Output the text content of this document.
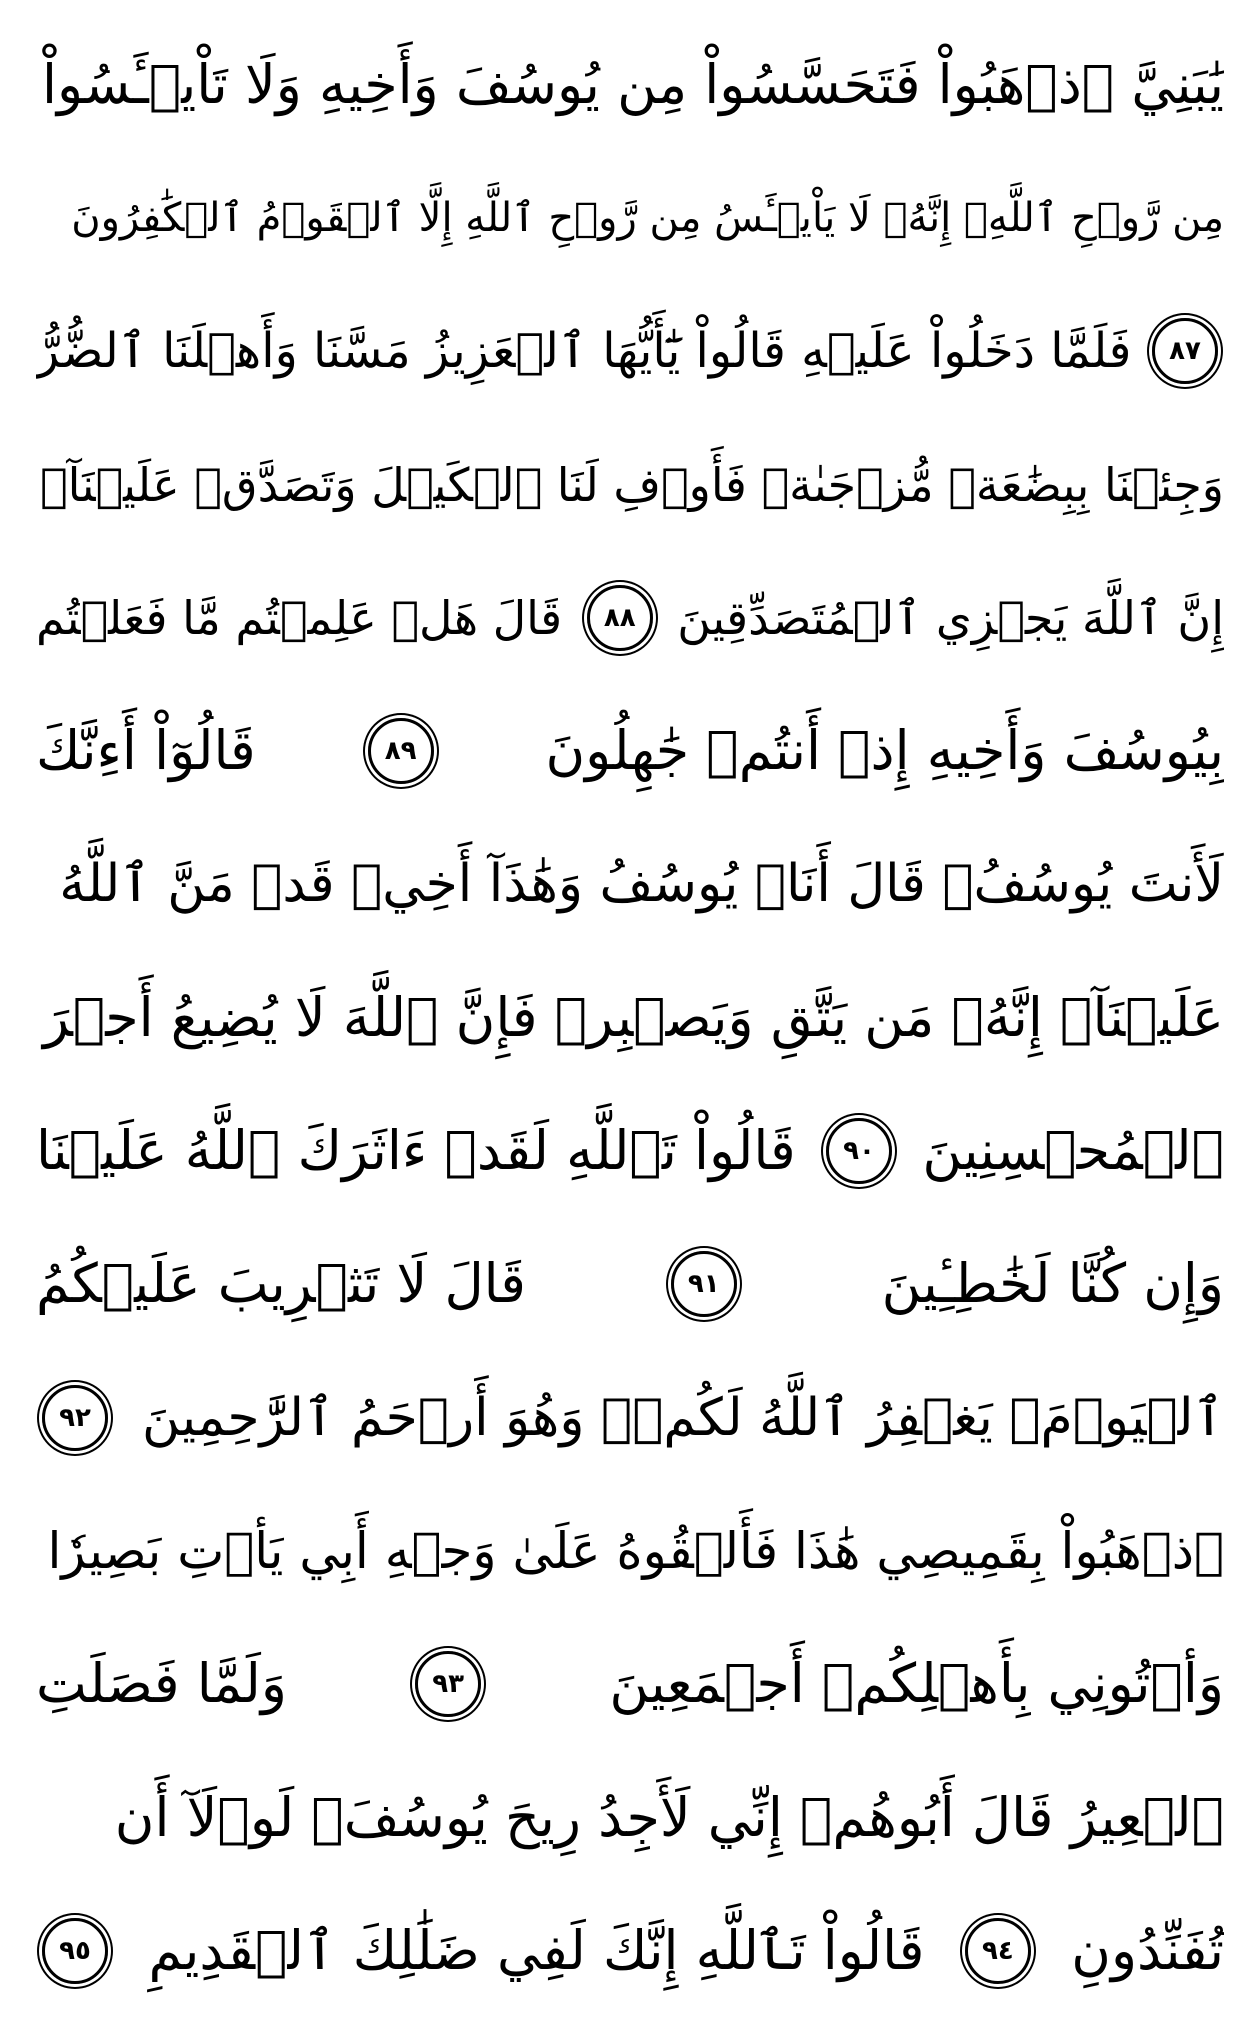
يَٰبَنِيَّ ٱذۡهَبُواْ فَتَحَسَّسُواْ مِن يُوسُفَ وَأَخِيهِ وَلَا تَاْيۡـَٔسُواْ
مِن رَّوۡحِ ٱللَّهِۖ إِنَّهُۥ لَا يَاْيۡـَٔسُ مِن رَّوۡحِ ٱللَّهِ إِلَّا ٱلۡقَوۡمُ ٱلۡكَٰفِرُونَ
٨٧
فَلَمَّا دَخَلُواْ عَلَيۡهِ قَالُواْ يَٰٓأَيُّهَا ٱلۡعَزِيزُ مَسَّنَا وَأَهۡلَنَا ٱلضُّرُّ
وَجِئۡنَا بِبِضَٰعَةٖ مُّزۡجَىٰةٖ فَأَوۡفِ لَنَا ٱلۡكَيۡلَ وَتَصَدَّقۡ عَلَيۡنَآۖ
إِنَّ ٱللَّهَ يَجۡزِي ٱلۡمُتَصَدِّقِينَ
٨٨
قَالَ هَلۡ عَلِمۡتُم مَّا فَعَلۡتُم
بِيُوسُفَ وَأَخِيهِ إِذۡ أَنتُمۡ جَٰهِلُونَ
٨٩
قَالُوٓاْ أَءِنَّكَ
لَأَنتَ يُوسُفُۖ قَالَ أَنَا۠ يُوسُفُ وَهَٰذَآ أَخِيۖ قَدۡ مَنَّ ٱللَّهُ
عَلَيۡنَآۖ إِنَّهُۥ مَن يَتَّقِ وَيَصۡبِرۡ فَإِنَّ ٱللَّهَ لَا يُضِيعُ أَجۡرَ
ٱلۡمُحۡسِنِينَ
٩٠
قَالُواْ تَٱللَّهِ لَقَدۡ ءَاثَرَكَ ٱللَّهُ عَلَيۡنَا
وَإِن كُنَّا لَخَٰطِـِٔينَ
٩١
قَالَ لَا تَثۡرِيبَ عَلَيۡكُمُ
ٱلۡيَوۡمَۖ يَغۡفِرُ ٱللَّهُ لَكُمۡۖ وَهُوَ أَرۡحَمُ ٱلرَّٰحِمِينَ
٩٢
ٱذۡهَبُواْ بِقَمِيصِي هَٰذَا فَأَلۡقُوهُ عَلَىٰ وَجۡهِ أَبِي يَأۡتِ بَصِيرٗا
وَأۡتُونِي بِأَهۡلِكُمۡ أَجۡمَعِينَ
٩٣
وَلَمَّا فَصَلَتِ
ٱلۡعِيرُ قَالَ أَبُوهُمۡ إِنِّي لَأَجِدُ رِيحَ يُوسُفَۖ لَوۡلَآ أَن
تُفَنِّدُونِ
٩٤
قَالُواْ تَٱللَّهِ إِنَّكَ لَفِي ضَلَٰلِكَ ٱلۡقَدِيمِ
٩٥
